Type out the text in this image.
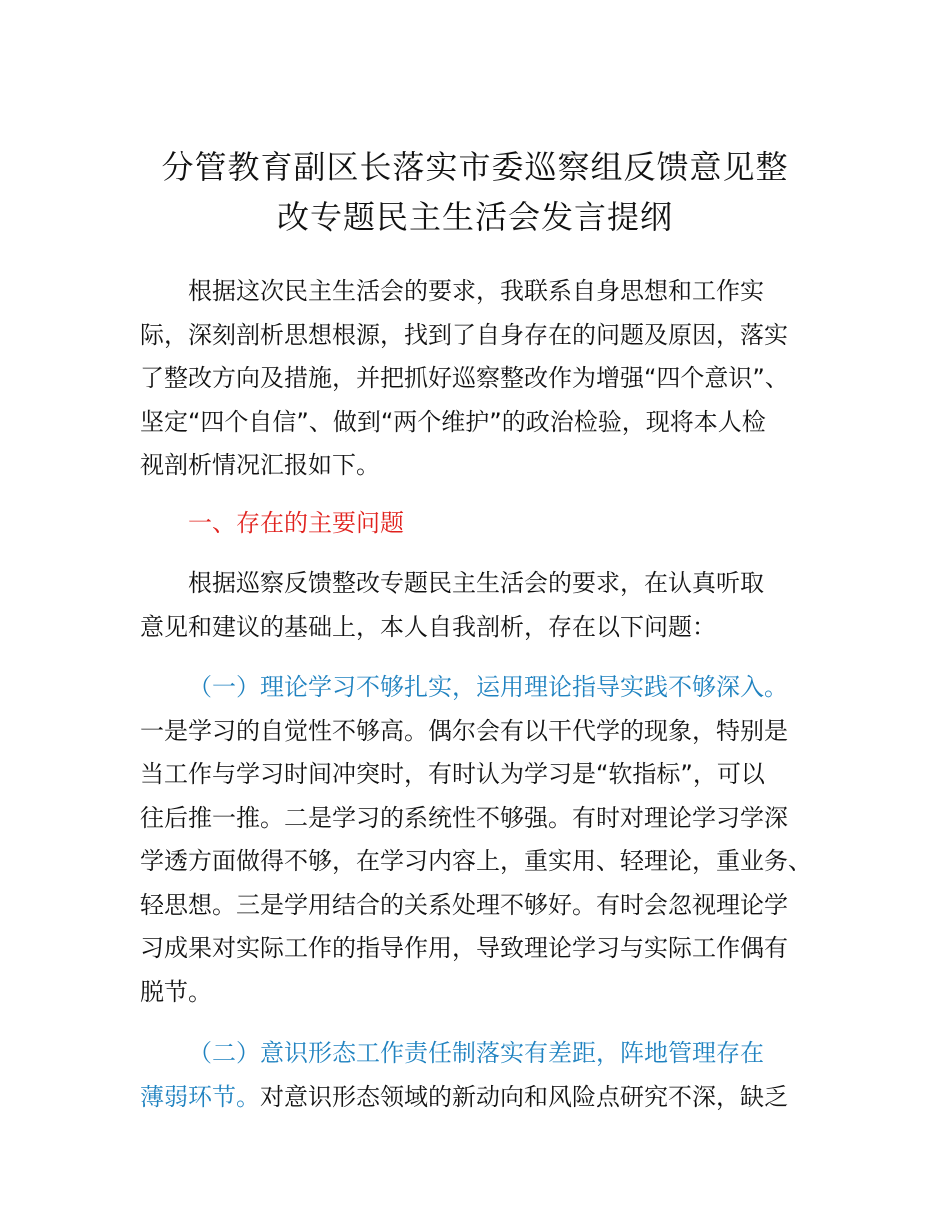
分管教育副区长落实市委巡察组反馈意见整
改专题民主生活会发言提纲
根据这次民主生活会的要求，我联系自身思想和工作实
际，深刻剖析思想根源，找到了自身存在的问题及原因，落实
了整改方向及措施，并把抓好巡察整改作为增强“四个意识”、
坚定“四个自信”、做到“两个维护”的政治检验，现将本人检
视剖析情况汇报如下。
一、存在的主要问题
根据巡察反馈整改专题民主生活会的要求，在认真听取
意见和建议的基础上，本人自我剖析，存在以下问题：
（一）理论学习不够扎实，运用理论指导实践不够深入。
一是学习的自觉性不够高。偶尔会有以干代学的现象，特别是
当工作与学习时间冲突时，有时认为学习是“软指标”，可以
往后推一推。二是学习的系统性不够强。有时对理论学习学深
学透方面做得不够，在学习内容上，重实用、轻理论，重业务、
轻思想。三是学用结合的关系处理不够好。有时会忽视理论学
习成果对实际工作的指导作用，导致理论学习与实际工作偶有
脱节。
（二）意识形态工作责任制落实有差距，阵地管理存在
薄弱环节。对意识形态领域的新动向和风险点研究不深，缺乏
